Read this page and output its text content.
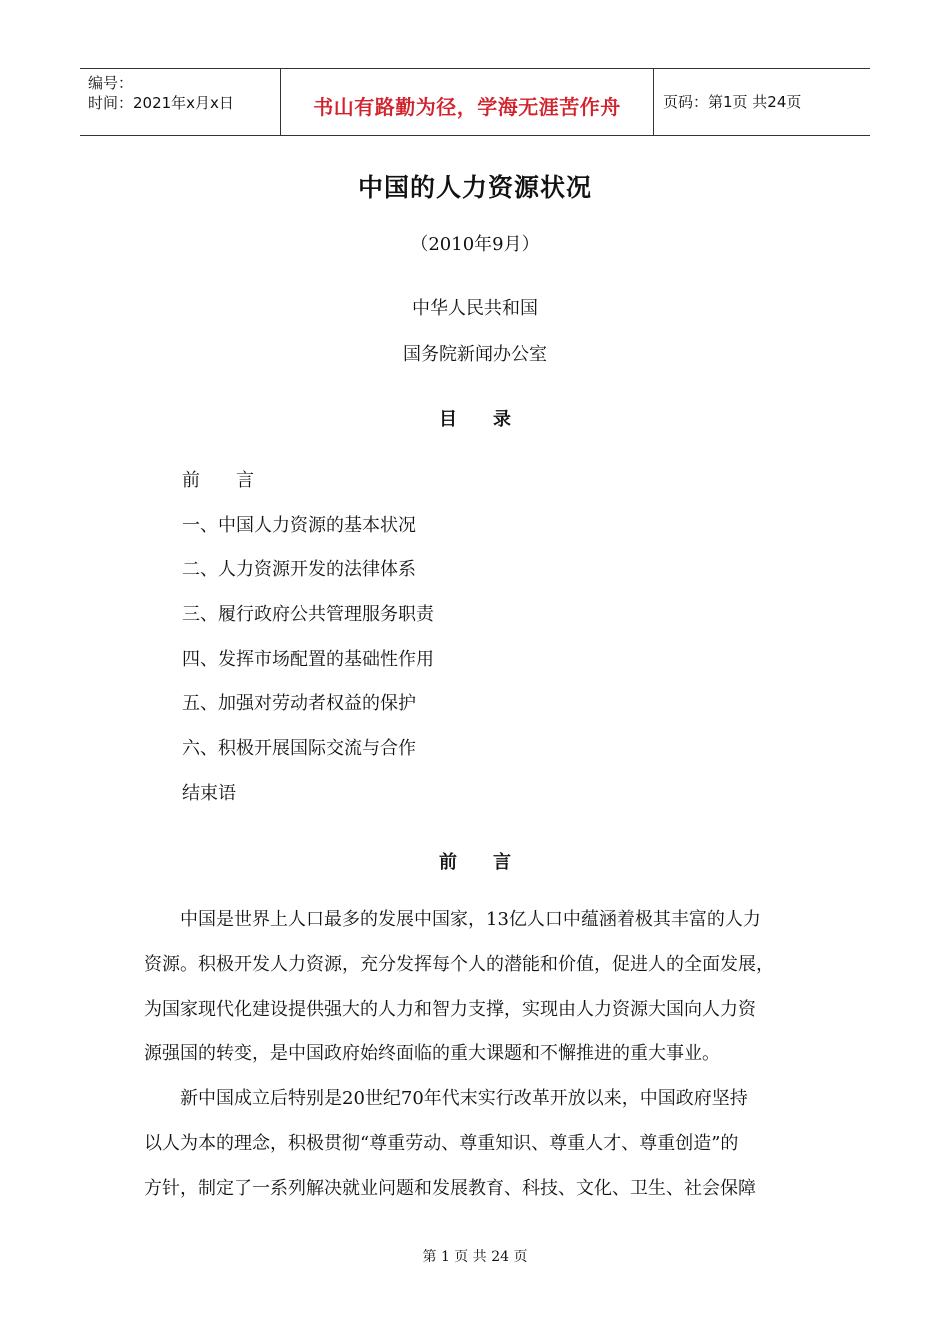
编号：
时间：2021年x月x日	书山有路勤为径，学海无涯苦作舟	页码：第1页 共24页
中国的人力资源状况
（2010年9月）
中华人民共和国
国务院新闻办公室
目　　录
前　　言
一、中国人力资源的基本状况
二、人力资源开发的法律体系
三、履行政府公共管理服务职责
四、发挥市场配置的基础性作用
五、加强对劳动者权益的保护
六、积极开展国际交流与合作
结束语
前　　言

　　中国是世界上人口最多的发展中国家，13亿人口中蕴涵着极其丰富的人力
资源。积极开发人力资源，充分发挥每个人的潜能和价值，促进人的全面发展，
为国家现代化建设提供强大的人力和智力支撑，实现由人力资源大国向人力资
源强国的转变，是中国政府始终面临的重大课题和不懈推进的重大事业。

　　新中国成立后特别是20世纪70年代末实行改革开放以来，中国政府坚持
以人为本的理念，积极贯彻“尊重劳动、尊重知识、尊重人才、尊重创造”的
方针，制定了一系列解决就业问题和发展教育、科技、文化、卫生、社会保障

第 1 页 共 24 页
